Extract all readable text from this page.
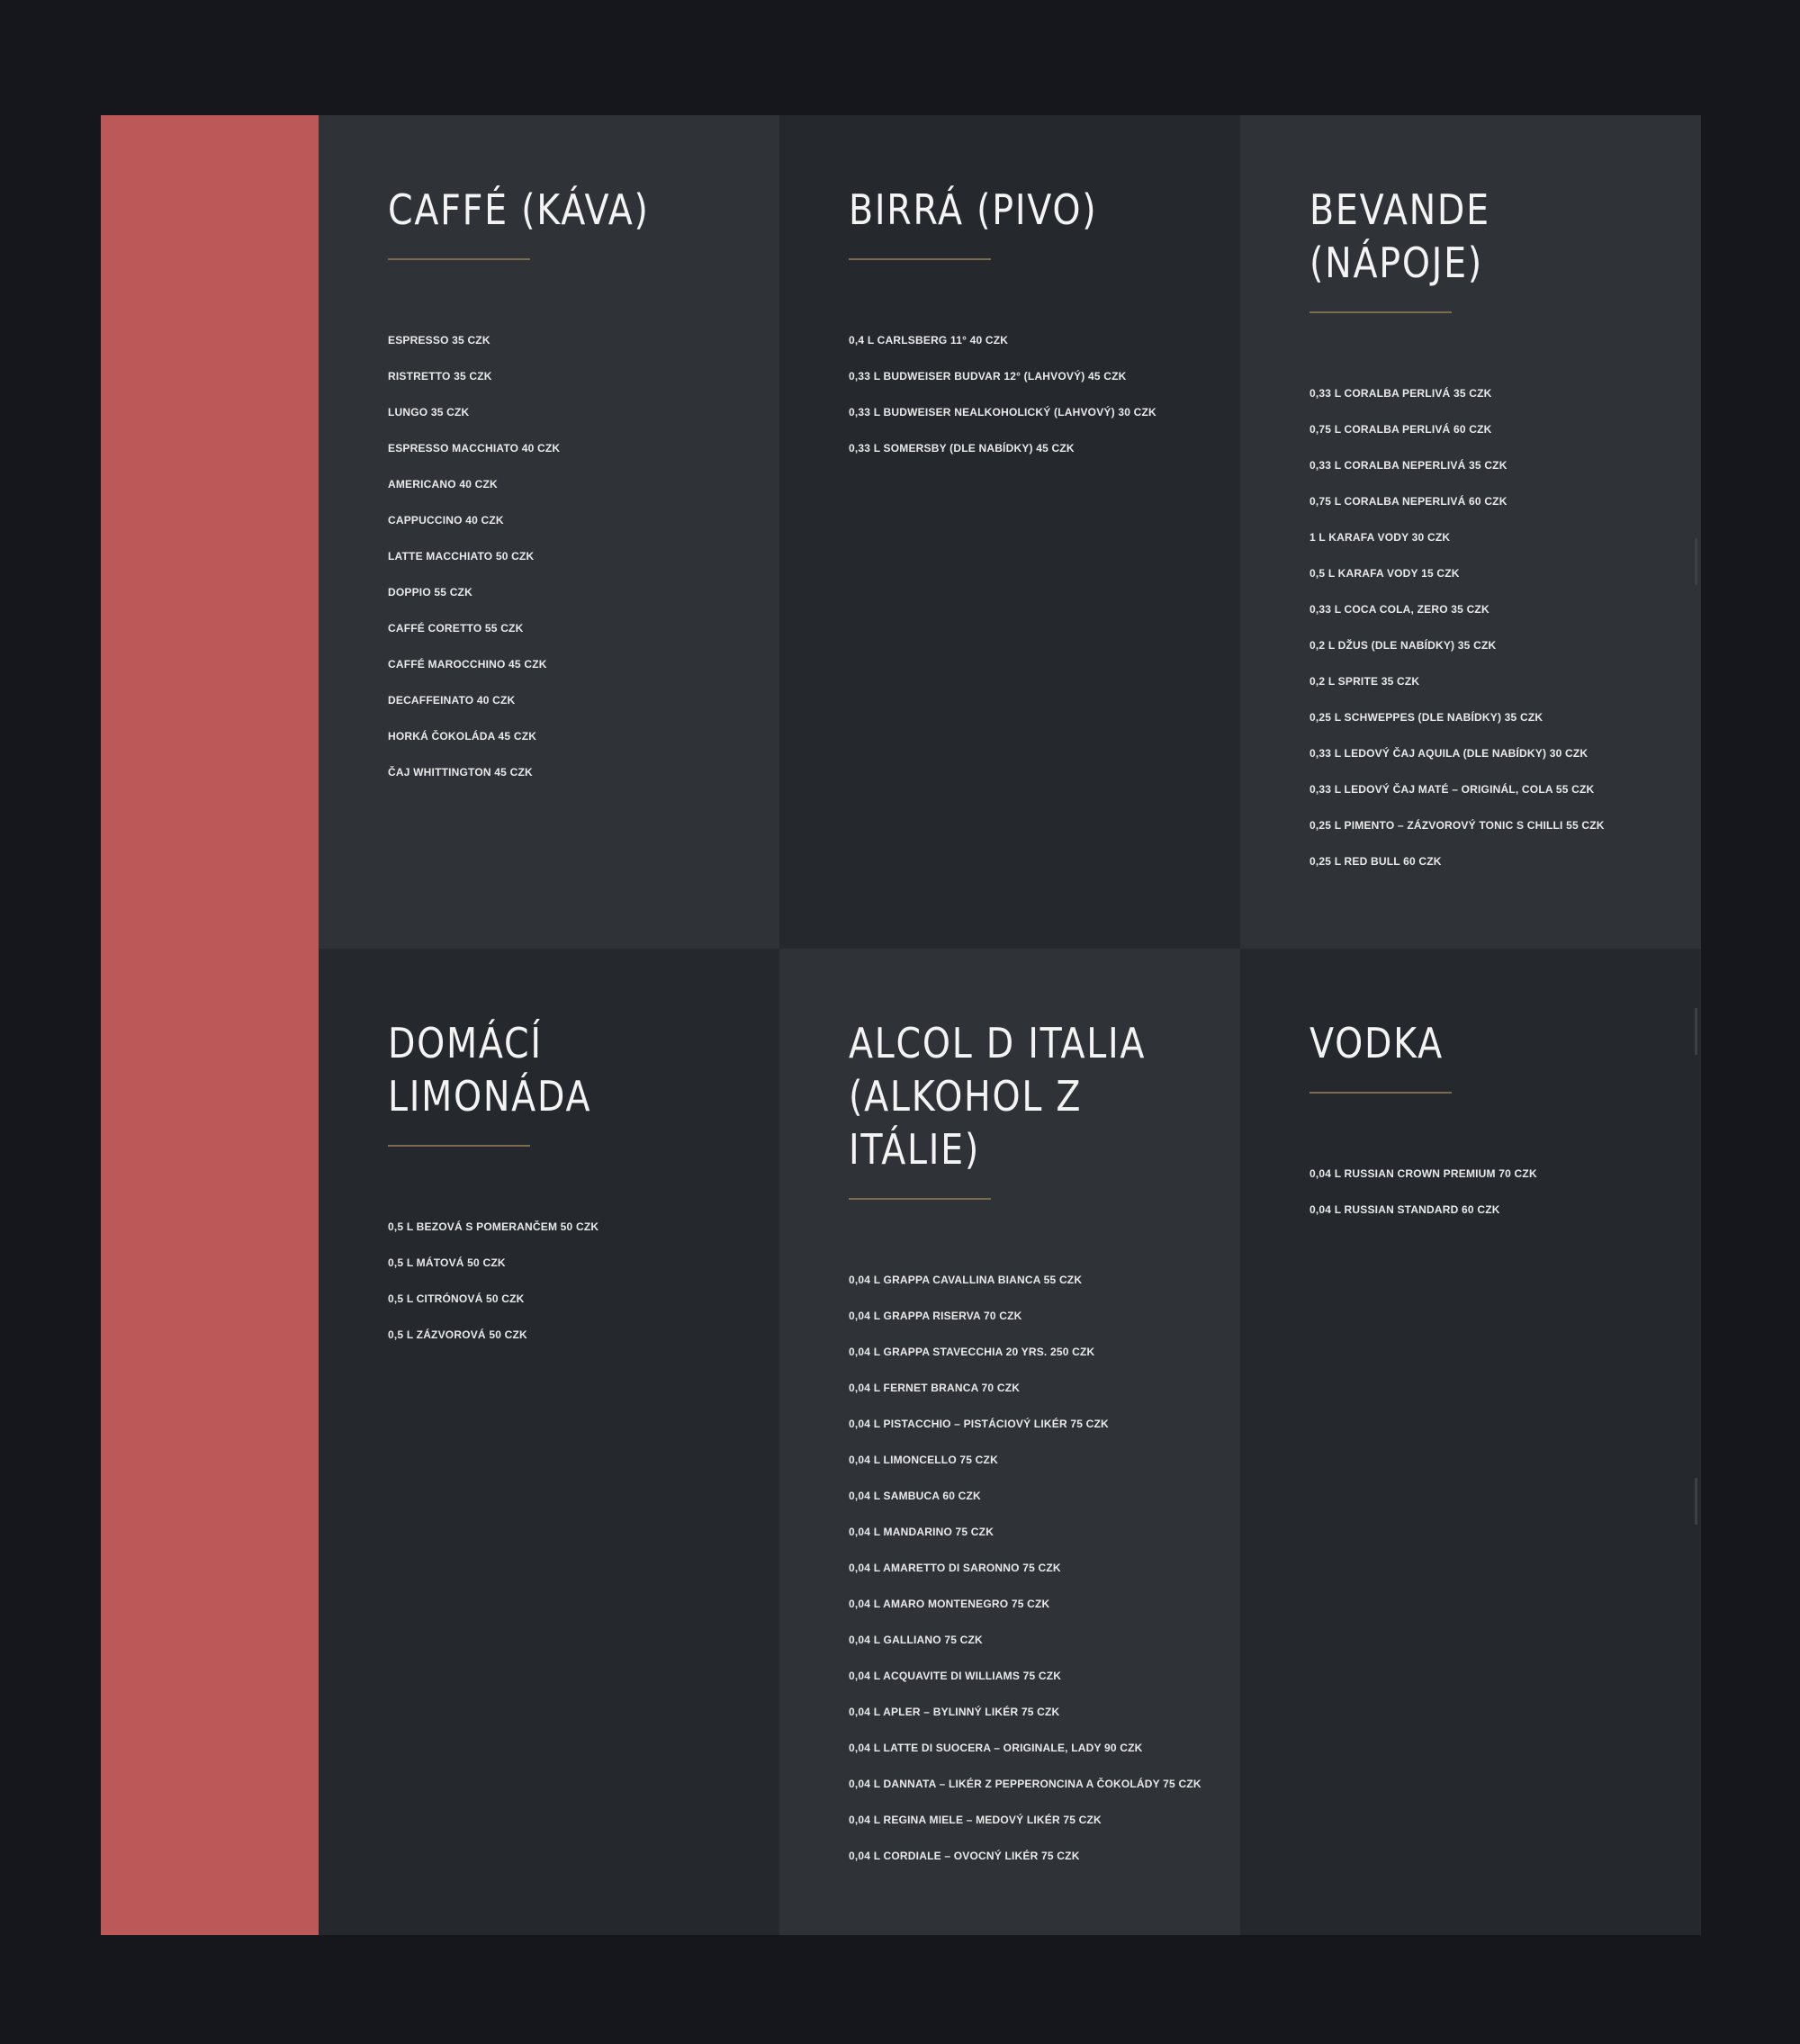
CAFFÉ (KÁVA)
ESPRESSO 35 CZK
RISTRETTO 35 CZK
LUNGO 35 CZK
ESPRESSO MACCHIATO 40 CZK
AMERICANO 40 CZK
CAPPUCCINO 40 CZK
LATTE MACCHIATO 50 CZK
DOPPIO 55 CZK
CAFFÉ CORETTO 55 CZK
CAFFÉ MAROCCHINO 45 CZK
DECAFFEINATO 40 CZK
HORKÁ ČOKOLÁDA 45 CZK
ČAJ WHITTINGTON 45 CZK
BIRRÁ (PIVO)
0,4 L CARLSBERG 11° 40 CZK
0,33 L BUDWEISER BUDVAR 12° (LAHVOVÝ) 45 CZK
0,33 L BUDWEISER NEALKOHOLICKÝ (LAHVOVÝ) 30 CZK
0,33 L SOMERSBY (DLE NABÍDKY) 45 CZK
BEVANDE
(NÁPOJE)
0,33 L CORALBA PERLIVÁ 35 CZK
0,75 L CORALBA PERLIVÁ 60 CZK
0,33 L CORALBA NEPERLIVÁ 35 CZK
0,75 L CORALBA NEPERLIVÁ 60 CZK
1 L KARAFA VODY 30 CZK
0,5 L KARAFA VODY 15 CZK
0,33 L COCA COLA, ZERO 35 CZK
0,2 L DŽUS (DLE NABÍDKY) 35 CZK
0,2 L SPRITE 35 CZK
0,25 L SCHWEPPES (DLE NABÍDKY) 35 CZK
0,33 L LEDOVÝ ČAJ AQUILA (DLE NABÍDKY) 30 CZK
0,33 L LEDOVÝ ČAJ MATÉ – ORIGINÁL, COLA 55 CZK
0,25 L PIMENTO – ZÁZVOROVÝ TONIC S CHILLI 55 CZK
0,25 L RED BULL 60 CZK
DOMÁCÍ
LIMONÁDA
0,5 L BEZOVÁ S POMERANČEM 50 CZK
0,5 L MÁTOVÁ 50 CZK
0,5 L CITRÓNOVÁ 50 CZK
0,5 L ZÁZVOROVÁ 50 CZK
ALCOL D ITALIA
(ALKOHOL Z
ITÁLIE)
0,04 L GRAPPA CAVALLINA BIANCA 55 CZK
0,04 L GRAPPA RISERVA 70 CZK
0,04 L GRAPPA STAVECCHIA 20 YRS. 250 CZK
0,04 L FERNET BRANCA 70 CZK
0,04 L PISTACCHIO – PISTÁCIOVÝ LIKÉR 75 CZK
0,04 L LIMONCELLO 75 CZK
0,04 L SAMBUCA 60 CZK
0,04 L MANDARINO 75 CZK
0,04 L AMARETTO DI SARONNO 75 CZK
0,04 L AMARO MONTENEGRO 75 CZK
0,04 L GALLIANO 75 CZK
0,04 L ACQUAVITE DI WILLIAMS 75 CZK
0,04 L APLER – BYLINNÝ LIKÉR 75 CZK
0,04 L LATTE DI SUOCERA – ORIGINALE, LADY 90 CZK
0,04 L DANNATA – LIKÉR Z PEPPERONCINA A ČOKOLÁDY 75 CZK
0,04 L REGINA MIELE – MEDOVÝ LIKÉR 75 CZK
0,04 L CORDIALE – OVOCNÝ LIKÉR 75 CZK
VODKA
0,04 L RUSSIAN CROWN PREMIUM 70 CZK
0,04 L RUSSIAN STANDARD 60 CZK
